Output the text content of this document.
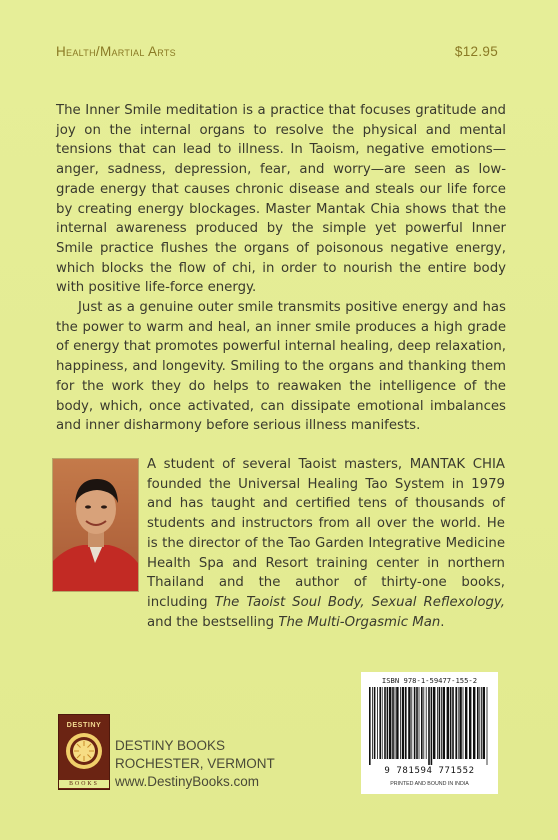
Health/Martial Arts	$12.95

The Inner Smile meditation is a practice that focuses gratitude and joy on the internal organs to resolve the physical and mental tensions that can lead to illness. In Taoism, negative emotions—anger, sadness, depression, fear, and worry—are seen as low-grade energy that causes chronic disease and steals our life force by creating energy blockages. Master Mantak Chia shows that the internal awareness produced by the simple yet powerful Inner Smile practice flushes the organs of poisonous negative energy, which blocks the flow of chi, in order to nourish the entire body with positive life-force energy.

Just as a genuine outer smile transmits positive energy and has the power to warm and heal, an inner smile produces a high grade of energy that promotes powerful internal healing, deep relaxation, happiness, and longevity. Smiling to the organs and thanking them for the work they do helps to reawaken the intelligence of the body, which, once activated, can dissipate emotional imbalances and inner disharmony before serious illness manifests.

A student of several Taoist masters, MANTAK CHIA founded the Universal Healing Tao System in 1979 and has taught and certified tens of thousands of students and instructors from all over the world. He is the director of the Tao Garden Integrative Medicine Health Spa and Resort training center in northern Thailand and the author of thirty-one books, including The Taoist Soul Body, Sexual Reflexology, and the bestselling The Multi-Orgasmic Man.

ISBN 978-1-59477-155-2
9 781594 771552
PRINTED AND BOUND IN INDIA
DESTINY
BOOKS
DESTINY BOOKS
ROCHESTER, VERMONT
www.DestinyBooks.com
